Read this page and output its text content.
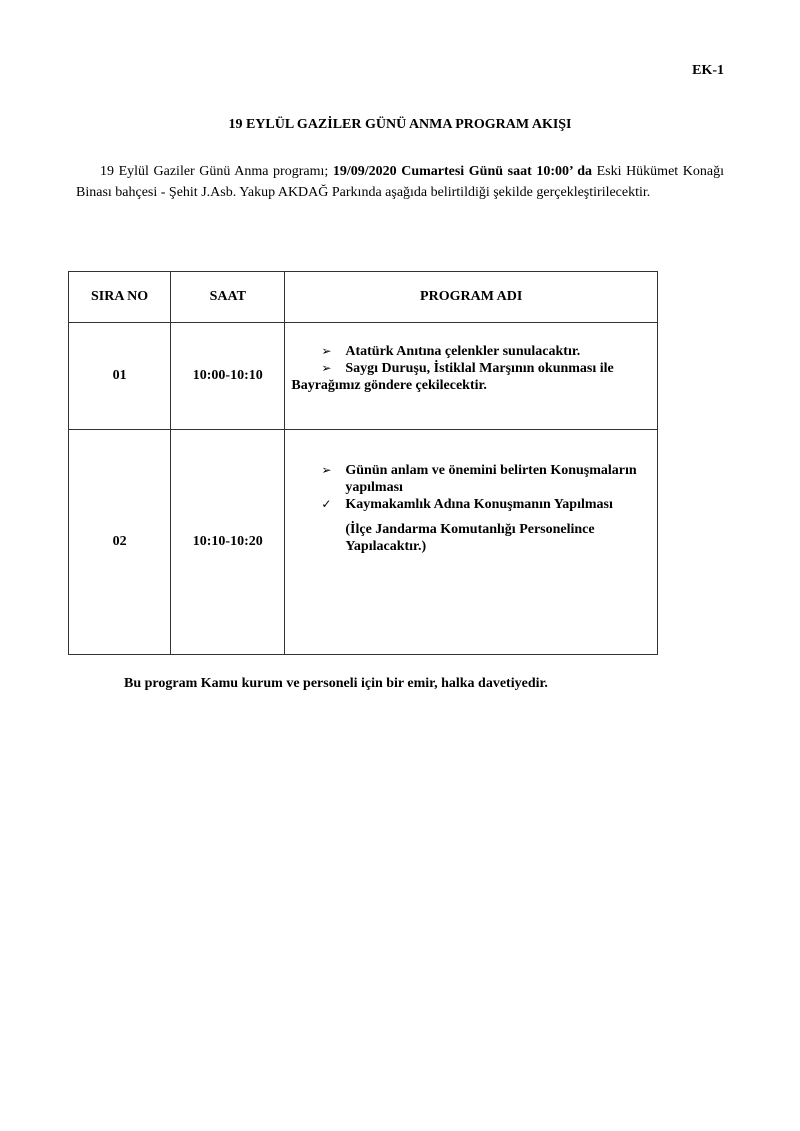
EK-1
19 EYLÜL GAZİLER GÜNÜ ANMA PROGRAM AKIŞI

19 Eylül Gaziler Günü Anma programı; 19/09/2020 Cumartesi Günü saat 10:00’ da Eski Hükümet Konağı Binası bahçesi - Şehit J.Asb. Yakup AKDAĞ Parkında aşağıda belirtildiği şekilde gerçekleştirilecektir.

SIRA NO	SAAT	PROGRAM ADI
01	10:00-10:10	➢ Atatürk Anıtına çelenkler sunulacaktır.
➢ Saygı Duruşu, İstiklal Marşının okunması ile Bayrağımız göndere çekilecektir.

02	10:10-10:20	➢ Günün anlam ve önemini belirten Konuşmaların yapılması
✓ Kaymakamlık Adına Konuşmanın Yapılması
(İlçe Jandarma Komutanlığı Personelince Yapılacaktır.)
Bu program Kamu kurum ve personeli için bir emir, halka davetiyedir.
